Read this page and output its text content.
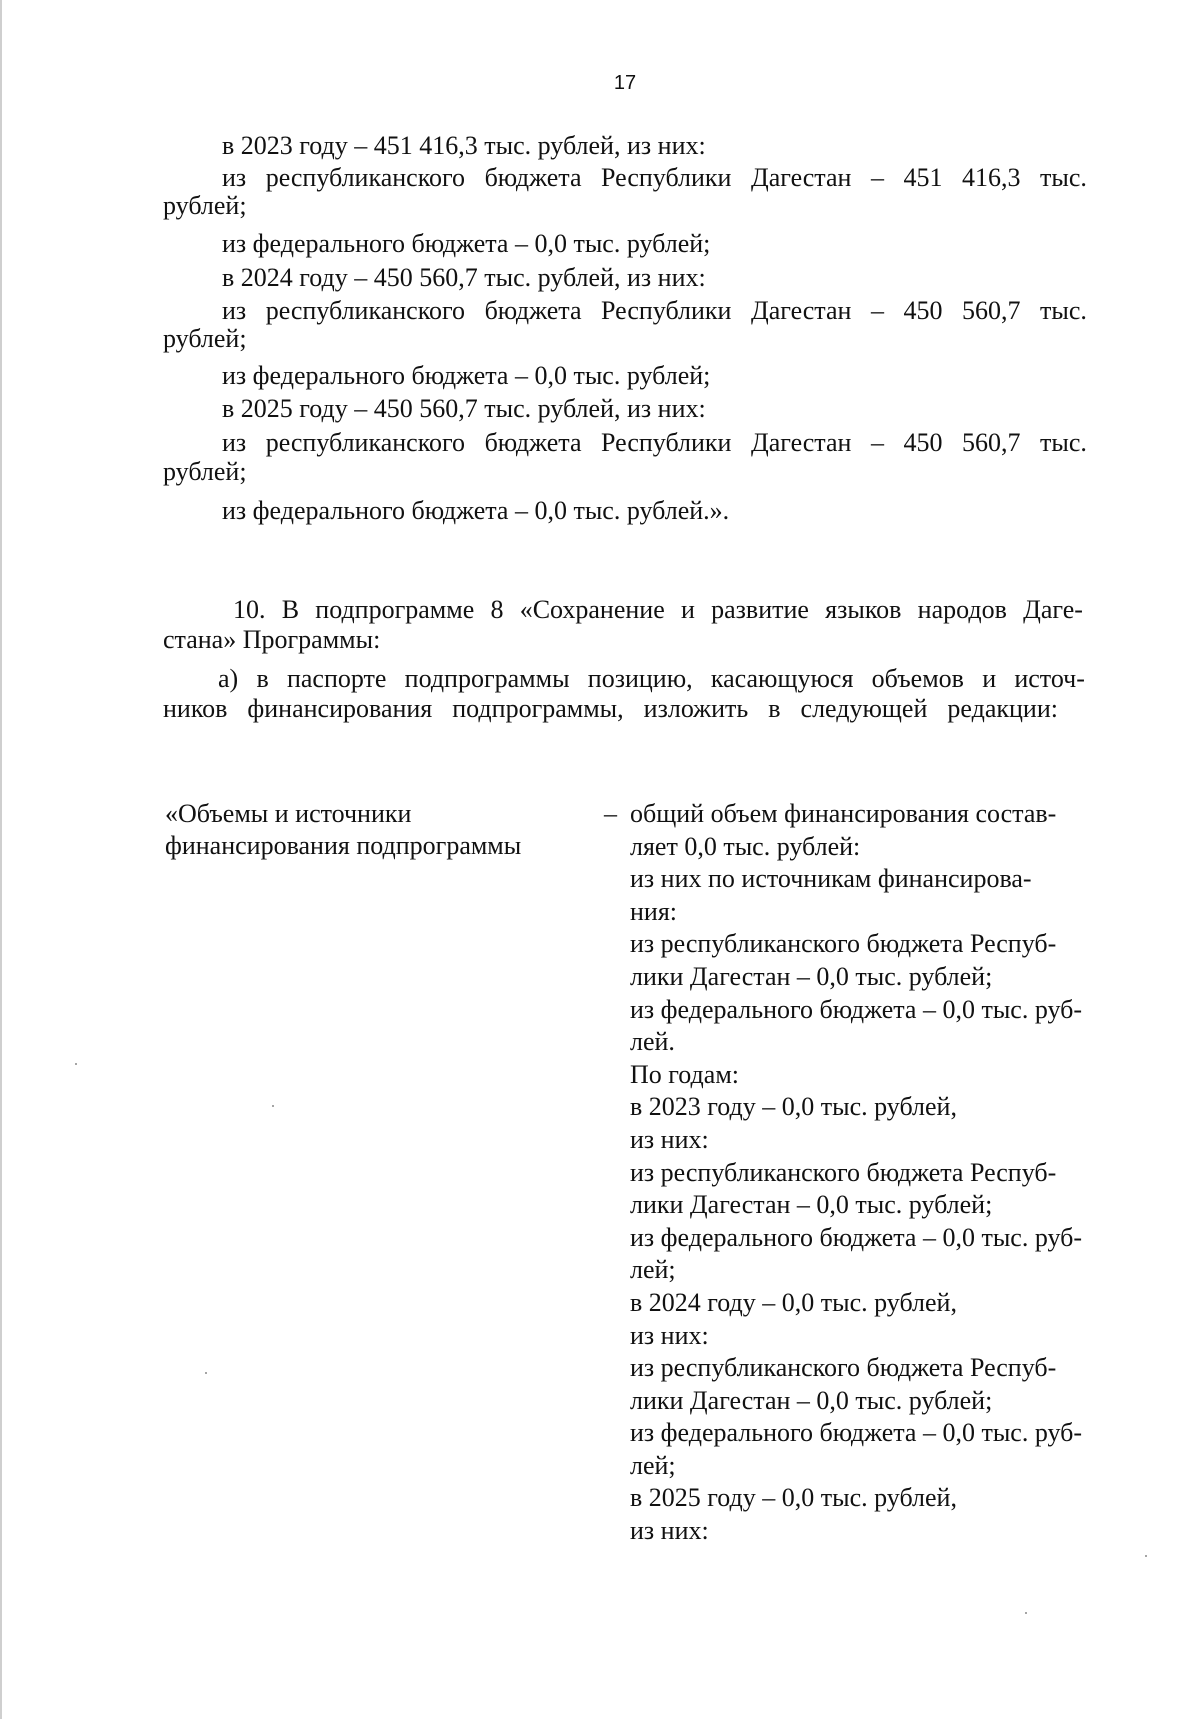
17
в 2023 году – 451 416,3 тыс. рублей, из них:
из республиканского бюджета Республики Дагестан – 451 416,3 тыс.
рублей;
из федерального бюджета – 0,0 тыс. рублей;
в 2024 году – 450 560,7 тыс. рублей, из них:
из республиканского бюджета Республики Дагестан – 450 560,7 тыс.
рублей;
из федерального бюджета – 0,0 тыс. рублей;
в 2025 году – 450 560,7 тыс. рублей, из них:
из республиканского бюджета Республики Дагестан – 450 560,7 тыс.
рублей;
из федерального бюджета – 0,0 тыс. рублей.».
10. В подпрограмме 8 «Сохранение и развитие языков народов Даге-
стана» Программы:
а) в паспорте подпрограммы позицию, касающуюся объемов и источ-
ников финансирования подпрограммы, изложить в следующей редакции:
«Объемы и источники
финансирования подпрограммы
– общий объем финансирования состав-
ляет 0,0 тыс. рублей:
из них по источникам финансирова-
ния:
из республиканского бюджета Респуб-
лики Дагестан – 0,0 тыс. рублей;
из федерального бюджета – 0,0 тыс. руб-
лей.
По годам:
в 2023 году – 0,0 тыс. рублей,
из них:
из республиканского бюджета Респуб-
лики Дагестан – 0,0 тыс. рублей;
из федерального бюджета – 0,0 тыс. руб-
лей;
в 2024 году – 0,0 тыс. рублей,
из них:
из республиканского бюджета Респуб-
лики Дагестан – 0,0 тыс. рублей;
из федерального бюджета – 0,0 тыс. руб-
лей;
в 2025 году – 0,0 тыс. рублей,
из них:
